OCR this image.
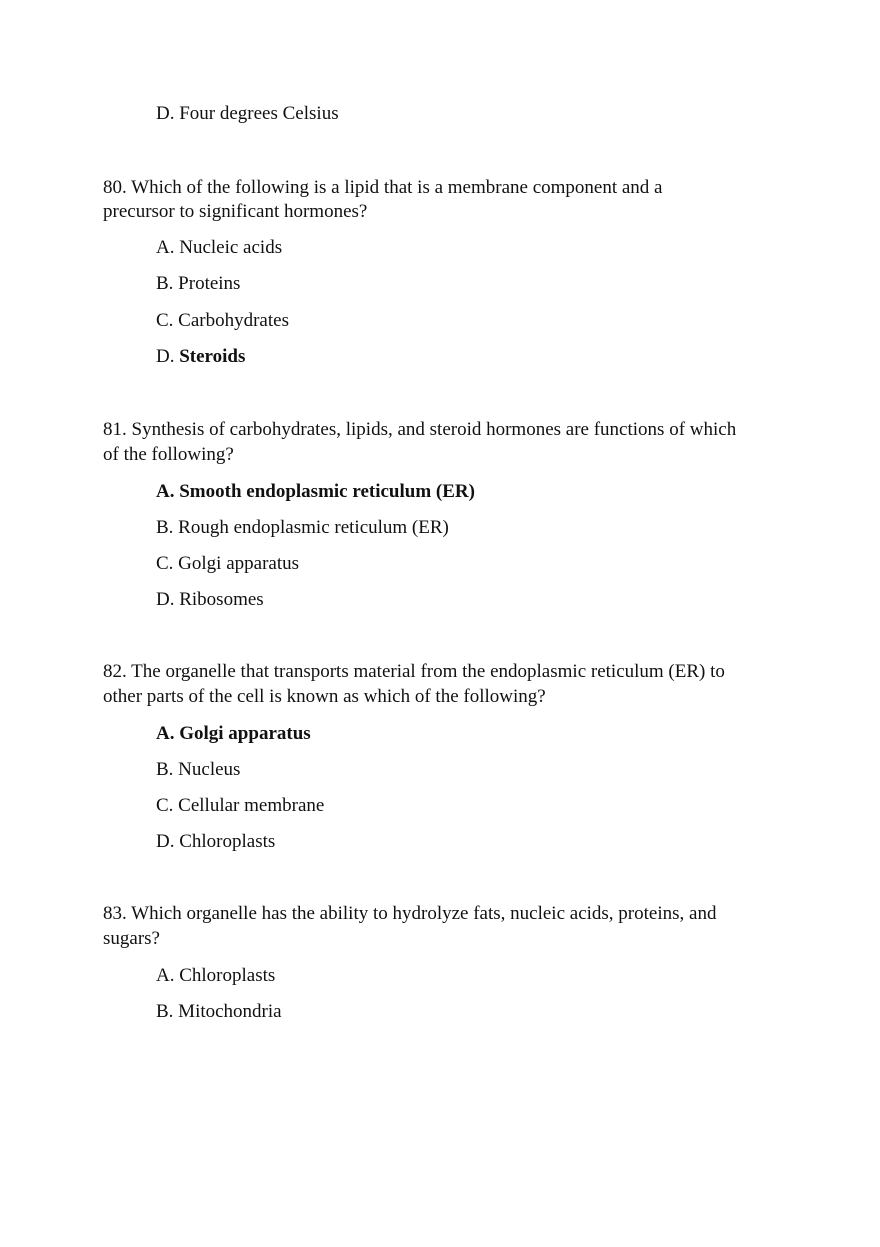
D. Four degrees Celsius
80. Which of the following is a lipid that is a membrane component and a
precursor to significant hormones?
A. Nucleic acids
B. Proteins
C. Carbohydrates
D. Steroids
81. Synthesis of carbohydrates, lipids, and steroid hormones are functions of which
of the following?
A. Smooth endoplasmic reticulum (ER)
B. Rough endoplasmic reticulum (ER)
C. Golgi apparatus
D. Ribosomes
82. The organelle that transports material from the endoplasmic reticulum (ER) to
other parts of the cell is known as which of the following?
A. Golgi apparatus
B. Nucleus
C. Cellular membrane
D. Chloroplasts
83. Which organelle has the ability to hydrolyze fats, nucleic acids, proteins, and
sugars?
A. Chloroplasts
B. Mitochondria
